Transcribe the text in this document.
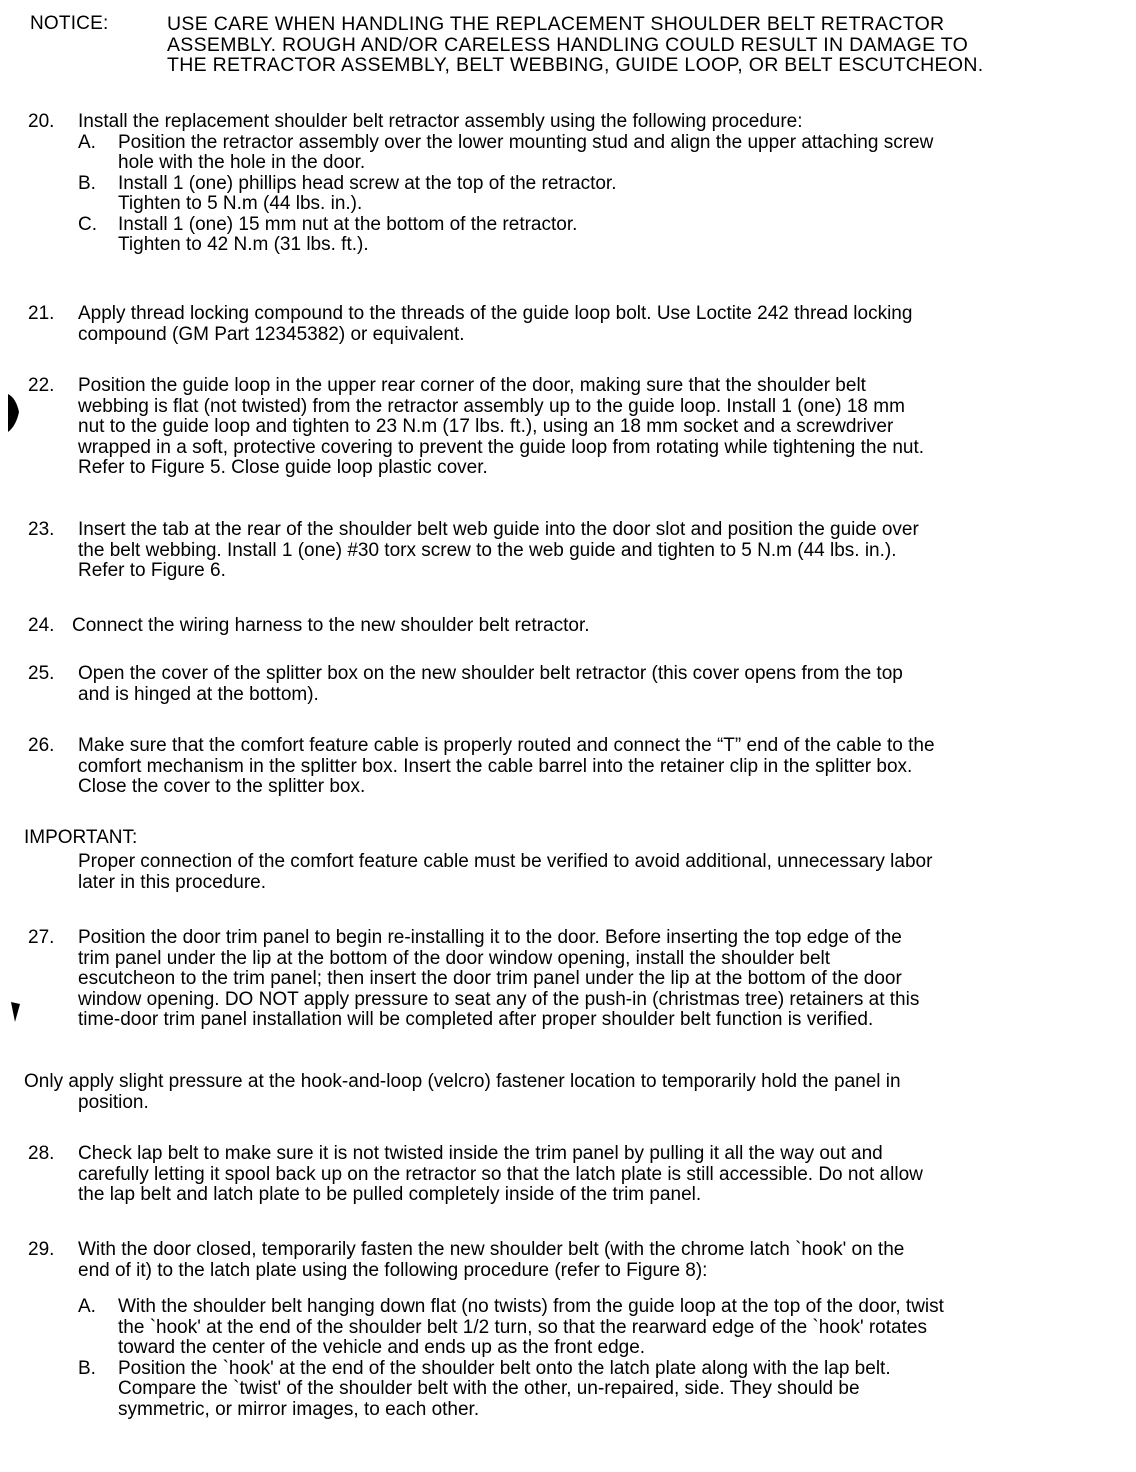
NOTICE:	USE CARE WHEN HANDLING THE REPLACEMENT SHOULDER BELT RETRACTOR

ASSEMBLY. ROUGH AND/OR CARELESS HANDLING COULD RESULT IN DAMAGE TO

THE RETRACTOR ASSEMBLY, BELT WEBBING, GUIDE LOOP, OR BELT ESCUTCHEON.

20. Install the replacement shoulder belt retractor assembly using the following procedure:

A. Position the retractor assembly over the lower mounting stud and align the upper attaching screw

hole with the hole in the door.

B. Install 1 (one) phillips head screw at the top of the retractor.

Tighten to 5 N.m (44 lbs. in.).

C. Install 1 (one) 15 mm nut at the bottom of the retractor.

Tighten to 42 N.m (31 lbs. ft.).

21. Apply thread locking compound to the threads of the guide loop bolt. Use Loctite 242 thread locking

compound (GM Part 12345382) or equivalent.

22. Position the guide loop in the upper rear corner of the door, making sure that the shoulder belt

webbing is flat (not twisted) from the retractor assembly up to the guide loop. Install 1 (one) 18 mm

nut to the guide loop and tighten to 23 N.m (17 lbs. ft.), using an 18 mm socket and a screwdriver

wrapped in a soft, protective covering to prevent the guide loop from rotating while tightening the nut.

Refer to Figure 5. Close guide loop plastic cover.

23. Insert the tab at the rear of the shoulder belt web guide into the door slot and position the guide over

the belt webbing. Install 1 (one) #30 torx screw to the web guide and tighten to 5 N.m (44 lbs. in.).

Refer to Figure 6.

24. Connect the wiring harness to the new shoulder belt retractor.

25. Open the cover of the splitter box on the new shoulder belt retractor (this cover opens from the top

and is hinged at the bottom).

26. Make sure that the comfort feature cable is properly routed and connect the “T” end of the cable to the

comfort mechanism in the splitter box. Insert the cable barrel into the retainer clip in the splitter box.

Close the cover to the splitter box.

IMPORTANT:

Proper connection of the comfort feature cable must be verified to avoid additional, unnecessary labor

later in this procedure.

27. Position the door trim panel to begin re-installing it to the door. Before inserting the top edge of the

trim panel under the lip at the bottom of the door window opening, install the shoulder belt

escutcheon to the trim panel; then insert the door trim panel under the lip at the bottom of the door

window opening. DO NOT apply pressure to seat any of the push-in (christmas tree) retainers at this

time-door trim panel installation will be completed after proper shoulder belt function is verified.

Only apply slight pressure at the hook-and-loop (velcro) fastener location to temporarily hold the panel in

position.

28. Check lap belt to make sure it is not twisted inside the trim panel by pulling it all the way out and

carefully letting it spool back up on the retractor so that the latch plate is still accessible. Do not allow

the lap belt and latch plate to be pulled completely inside of the trim panel.

29. With the door closed, temporarily fasten the new shoulder belt (with the chrome latch `hook' on the

end of it) to the latch plate using the following procedure (refer to Figure 8):

A. With the shoulder belt hanging down flat (no twists) from the guide loop at the top of the door, twist

the `hook' at the end of the shoulder belt 1/2 turn, so that the rearward edge of the `hook' rotates

toward the center of the vehicle and ends up as the front edge.

B. Position the `hook' at the end of the shoulder belt onto the latch plate along with the lap belt.

Compare the `twist' of the shoulder belt with the other, un-repaired, side. They should be

symmetric, or mirror images, to each other.
